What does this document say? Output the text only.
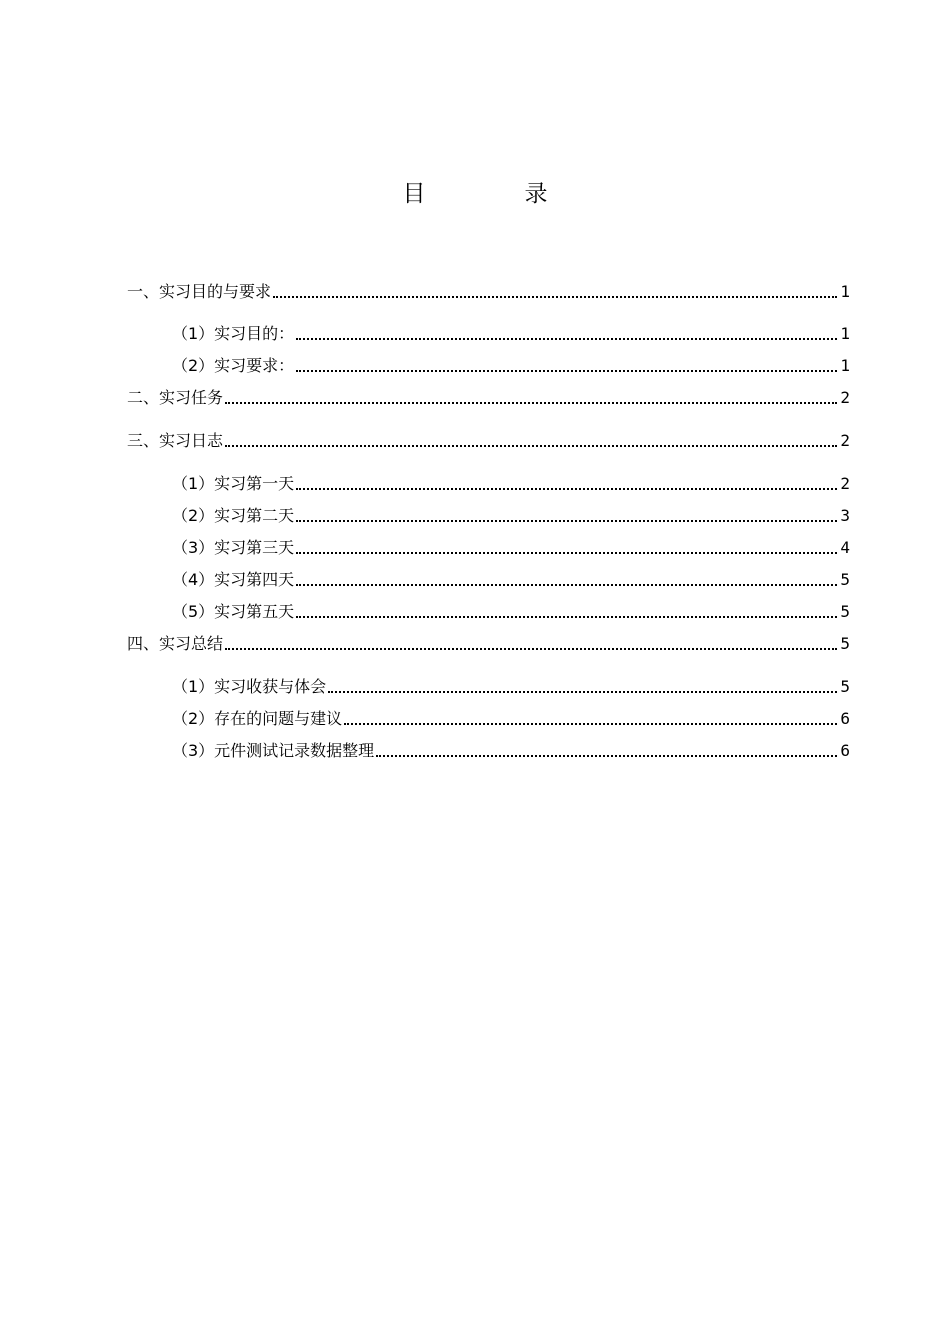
目　录
一、实习目的与要求	1
（1）实习目的：	1
（2）实习要求：	1
二、实习任务	2
三、实习日志	2
（1）实习第一天	2
（2）实习第二天	3
（3）实习第三天	4
（4）实习第四天	5
（5）实习第五天	5
四、实习总结	5
（1）实习收获与体会	5
（2）存在的问题与建议	6
（3）元件测试记录数据整理	6
